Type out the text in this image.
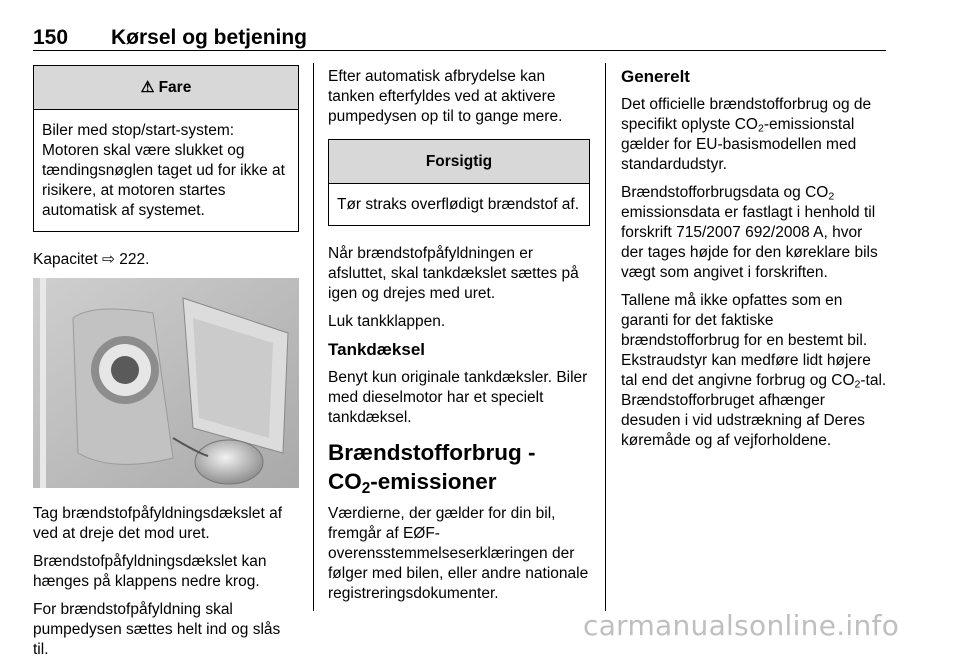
150 Kørsel og betjening
⚠ Fare
Biler med stop/start-system: Motoren skal være slukket og tændingsnøglen taget ud for ikke at risikere, at motoren startes automatisk af systemet.

Kapacitet ⇨ 222.

Tag brændstofpåfyldningsdækslet af ved at dreje det mod uret.

Brændstofpåfyldningsdækslet kan hænges på klappens nedre krog.

For brændstofpåfyldning skal pumpedysen sættes helt ind og slås til.

Efter automatisk afbrydelse kan tanken efterfyldes ved at aktivere pumpedysen op til to gange mere.

Forsigtig
Tør straks overflødigt brændstof af.

Når brændstofpåfyldningen er afsluttet, skal tankdækslet sættes på igen og drejes med uret.

Luk tankklappen.

Tankdæksel

Benyt kun originale tankdæksler. Biler med dieselmotor har et specielt tankdæksel.

Brændstofforbrug -
$CO_2$-emissioner

Værdierne, der gælder for din bil, fremgår af EØF-overensstemmelseserklæringen der følger med bilen, eller andre nationale registreringsdokumenter.

Generelt

Det officielle brændstofforbrug og de specifikt oplyste $CO_2$-emissionstal gælder for EU-basismodellen med standardudstyr.

Brændstofforbrugsdata og $CO_2$ emissionsdata er fastlagt i henhold til forskrift 715/2007 692/2008 A, hvor der tages højde for den køreklare bils vægt som angivet i forskriften.

Tallene må ikke opfattes som en garanti for det faktiske brændstofforbrug for en bestemt bil. Ekstraudstyr kan medføre lidt højere tal end det angivne forbrug og $CO_2$-tal. Brændstofforbruget afhænger desuden i vid udstrækning af Deres køremåde og af vejforholdene.

carmanualsonline.info
